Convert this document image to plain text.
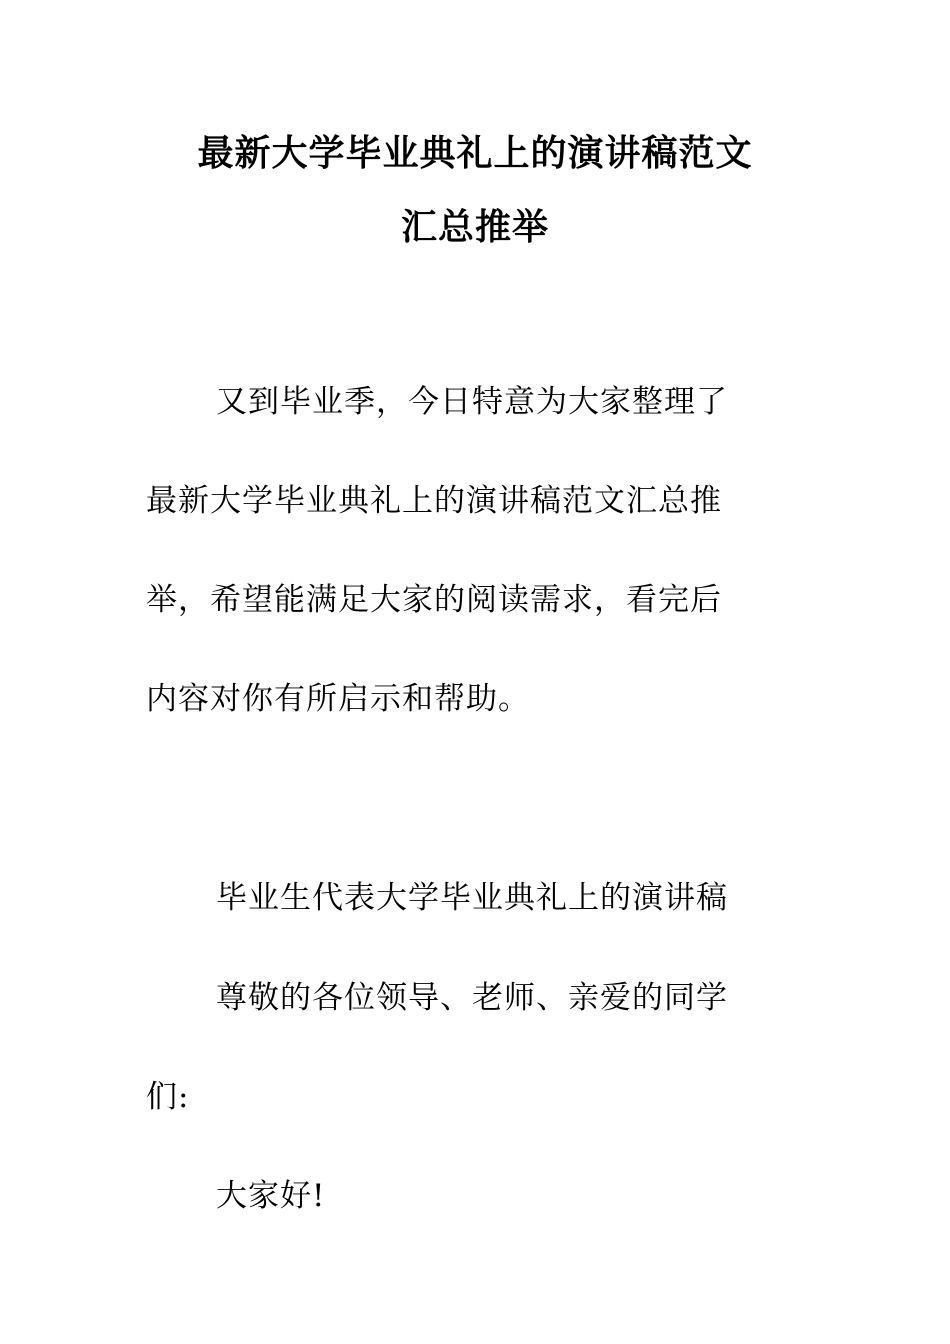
最新大学毕业典礼上的演讲稿范文
汇总推举
又到毕业季，今日特意为大家整理了
最新大学毕业典礼上的演讲稿范文汇总推
举，希望能满足大家的阅读需求，看完后
内容对你有所启示和帮助。
毕业生代表大学毕业典礼上的演讲稿
尊敬的各位领导、老师、亲爱的同学
们:
大家好!
